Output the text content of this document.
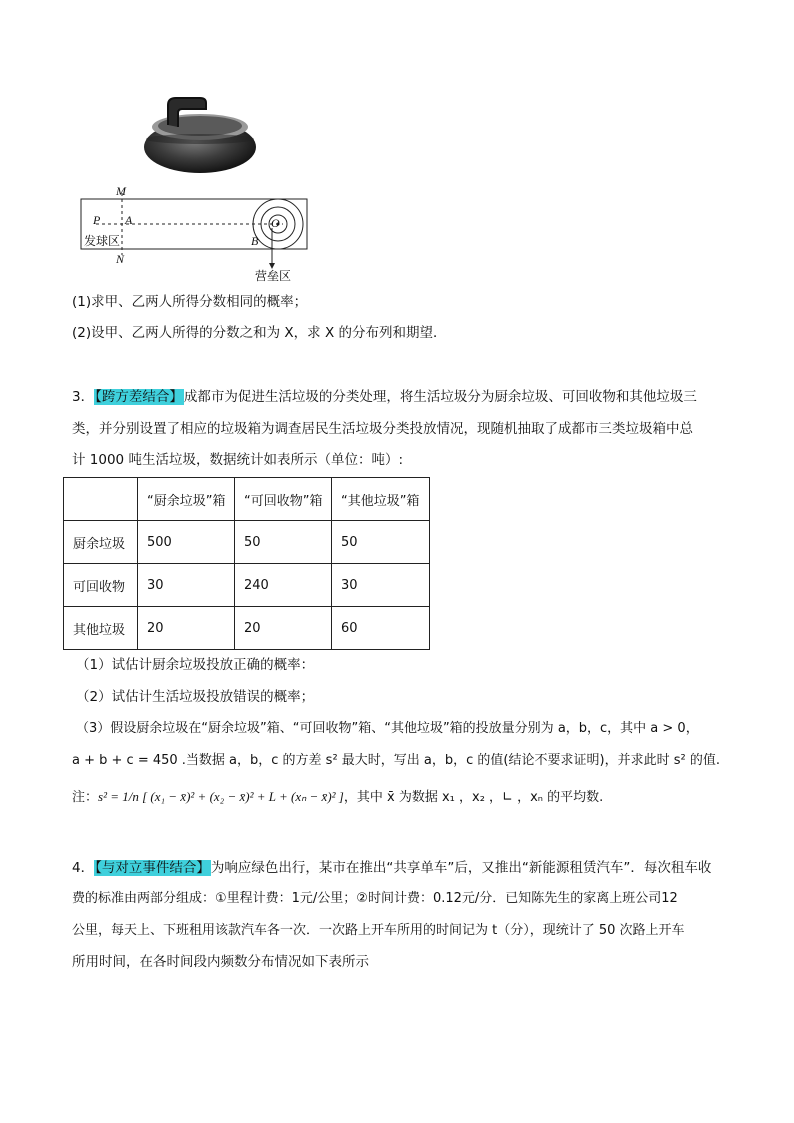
M
P A
发球区
N
O
B
营垒区
(1)求甲、乙两人所得分数相同的概率；
(2)设甲、乙两人所得的分数之和为 X，求 X 的分布列和期望．
3．【跨方差结合】成都市为促进生活垃圾的分类处理，将生活垃圾分为厨余垃圾、可回收物和其他垃圾三
类，并分别设置了相应的垃圾箱为调查居民生活垃圾分类投放情况，现随机抽取了成都市三类垃圾箱中总
计 1000 吨生活垃圾，数据统计如表所示（单位：吨）:
	“厨余垃圾”箱	“可回收物”箱	“其他垃圾”箱
厨余垃圾	500	50	50
可回收物	30	240	30
其他垃圾	20	20	60
（1）试估计厨余垃圾投放正确的概率：
（2）试估计生活垃圾投放错误的概率；
（3）假设厨余垃圾在“厨余垃圾”箱、“可回收物”箱、“其他垃圾”箱的投放量分别为 a，b，c，其中 a > 0，
a + b + c = 450 .当数据 a，b，c 的方差 s² 最大时，写出 a，b，c 的值(结论不要求证明)，并求此时 s² 的值.
注：s² = 1/n [ (x₁ − x̄)² + (x₂ − x̄)² + L + (xₙ − x̄)² ]，其中 x̄ 为数据 x₁ ，x₂ ，∟ ，xₙ 的平均数.
4．【与对立事件结合】为响应绿色出行，某市在推出“共享单车”后，又推出“新能源租赁汽车”．每次租车收
费的标准由两部分组成：①里程计费：1元/公里；②时间计费：0.12元/分．已知陈先生的家离上班公司12
公里，每天上、下班租用该款汽车各一次．一次路上开车所用的时间记为 t（分），现统计了 50 次路上开车
所用时间，在各时间段内频数分布情况如下表所示
